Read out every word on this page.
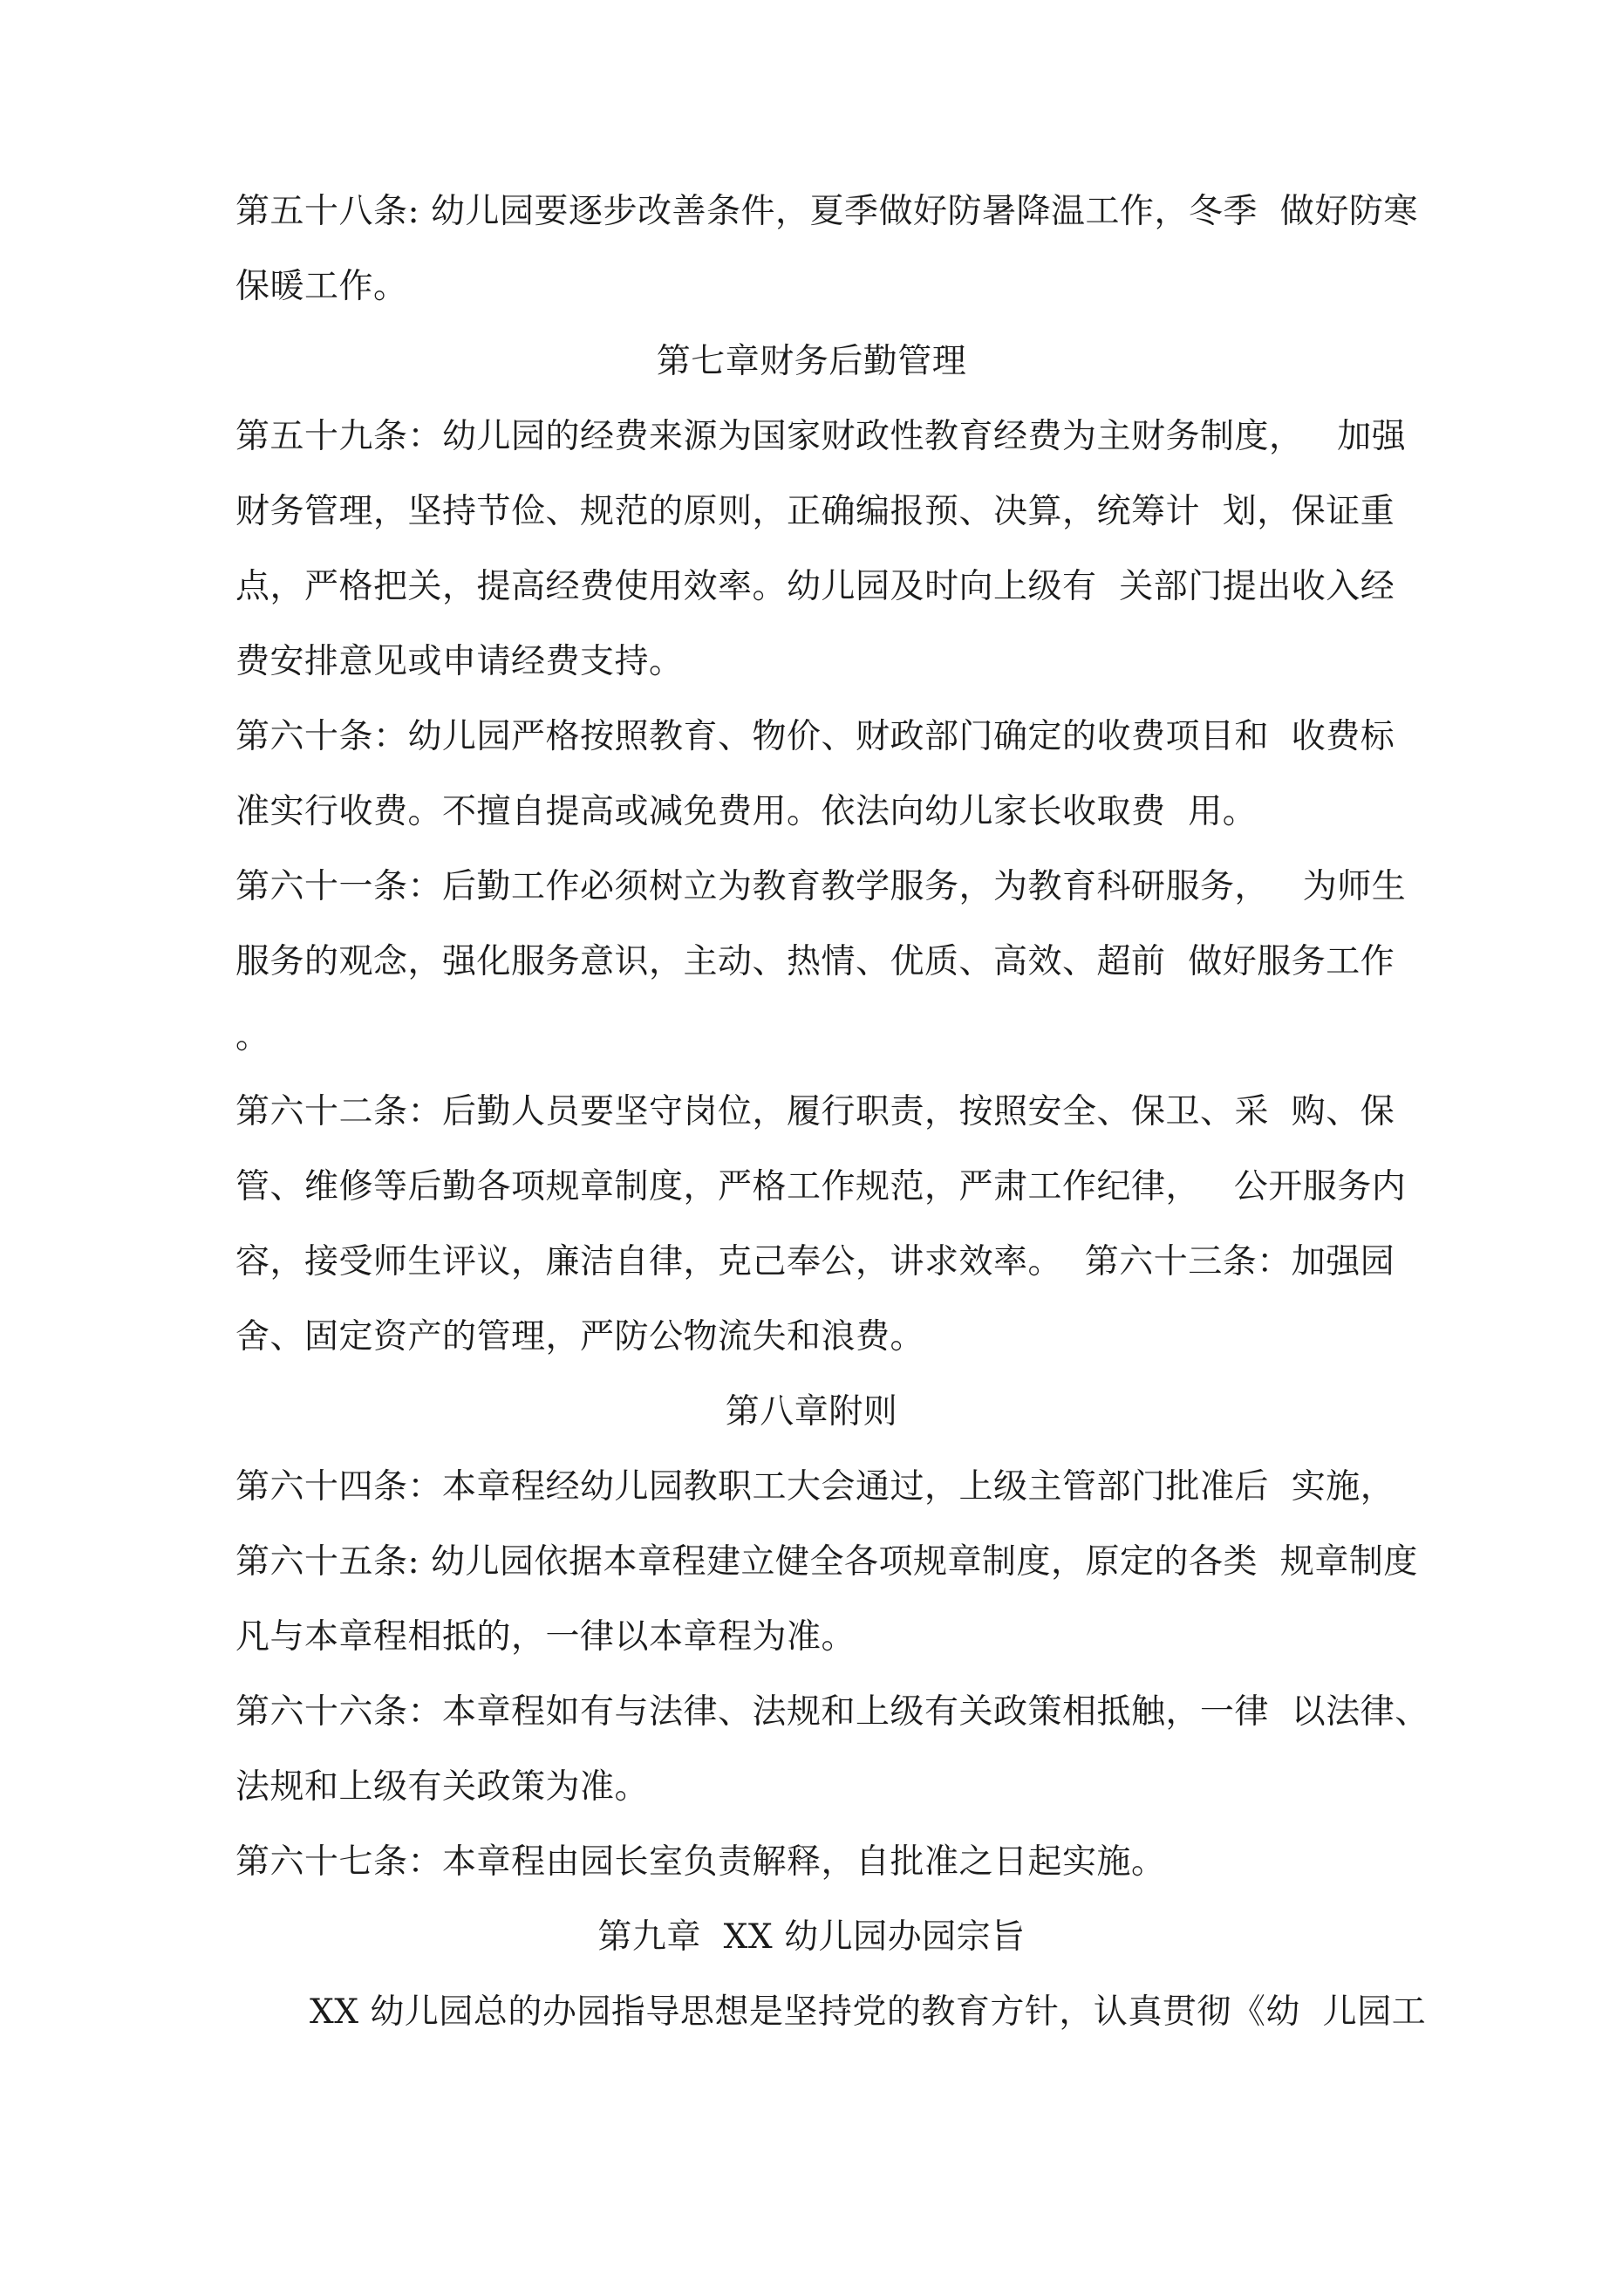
第五十八条: 幼儿园要逐步改善条件，夏季做好防暑降温工作，冬季  做好防寒
保暖工作。
第七章财务后勤管理
第五十九条：幼儿园的经费来源为国家财政性教育经费为主财务制度，   加强
财务管理，坚持节俭、规范的原则，正确编报预、决算，统筹计  划，保证重
点，严格把关，提高经费使用效率。幼儿园及时向上级有  关部门提出收入经
费安排意见或申请经费支持。
第六十条：幼儿园严格按照教育、物价、财政部门确定的收费项目和  收费标
准实行收费。不擅自提高或减免费用。依法向幼儿家长收取费  用。
第六十一条：后勤工作必须树立为教育教学服务，为教育科研服务，   为师生
服务的观念，强化服务意识，主动、热情、优质、高效、超前  做好服务工作
。
第六十二条：后勤人员要坚守岗位，履行职责，按照安全、保卫、采  购、保
管、维修等后勤各项规章制度，严格工作规范，严肃工作纪律，   公开服务内
容，接受师生评议，廉洁自律，克己奉公，讲求效率。  第六十三条：加强园
舍、固定资产的管理，严防公物流失和浪费。
第八章附则
第六十四条：本章程经幼儿园教职工大会通过，上级主管部门批准后  实施，
第六十五条: 幼儿园依据本章程建立健全各项规章制度，原定的各类  规章制度
凡与本章程相抵的，一律以本章程为准。
第六十六条：本章程如有与法律、法规和上级有关政策相抵触，一律  以法律、
法规和上级有关政策为准。
第六十七条：本章程由园长室负责解释，自批准之日起实施。
第九章  XX 幼儿园办园宗旨
XX 幼儿园总的办园指导思想是坚持党的教育方针，认真贯彻《幼  儿园工
